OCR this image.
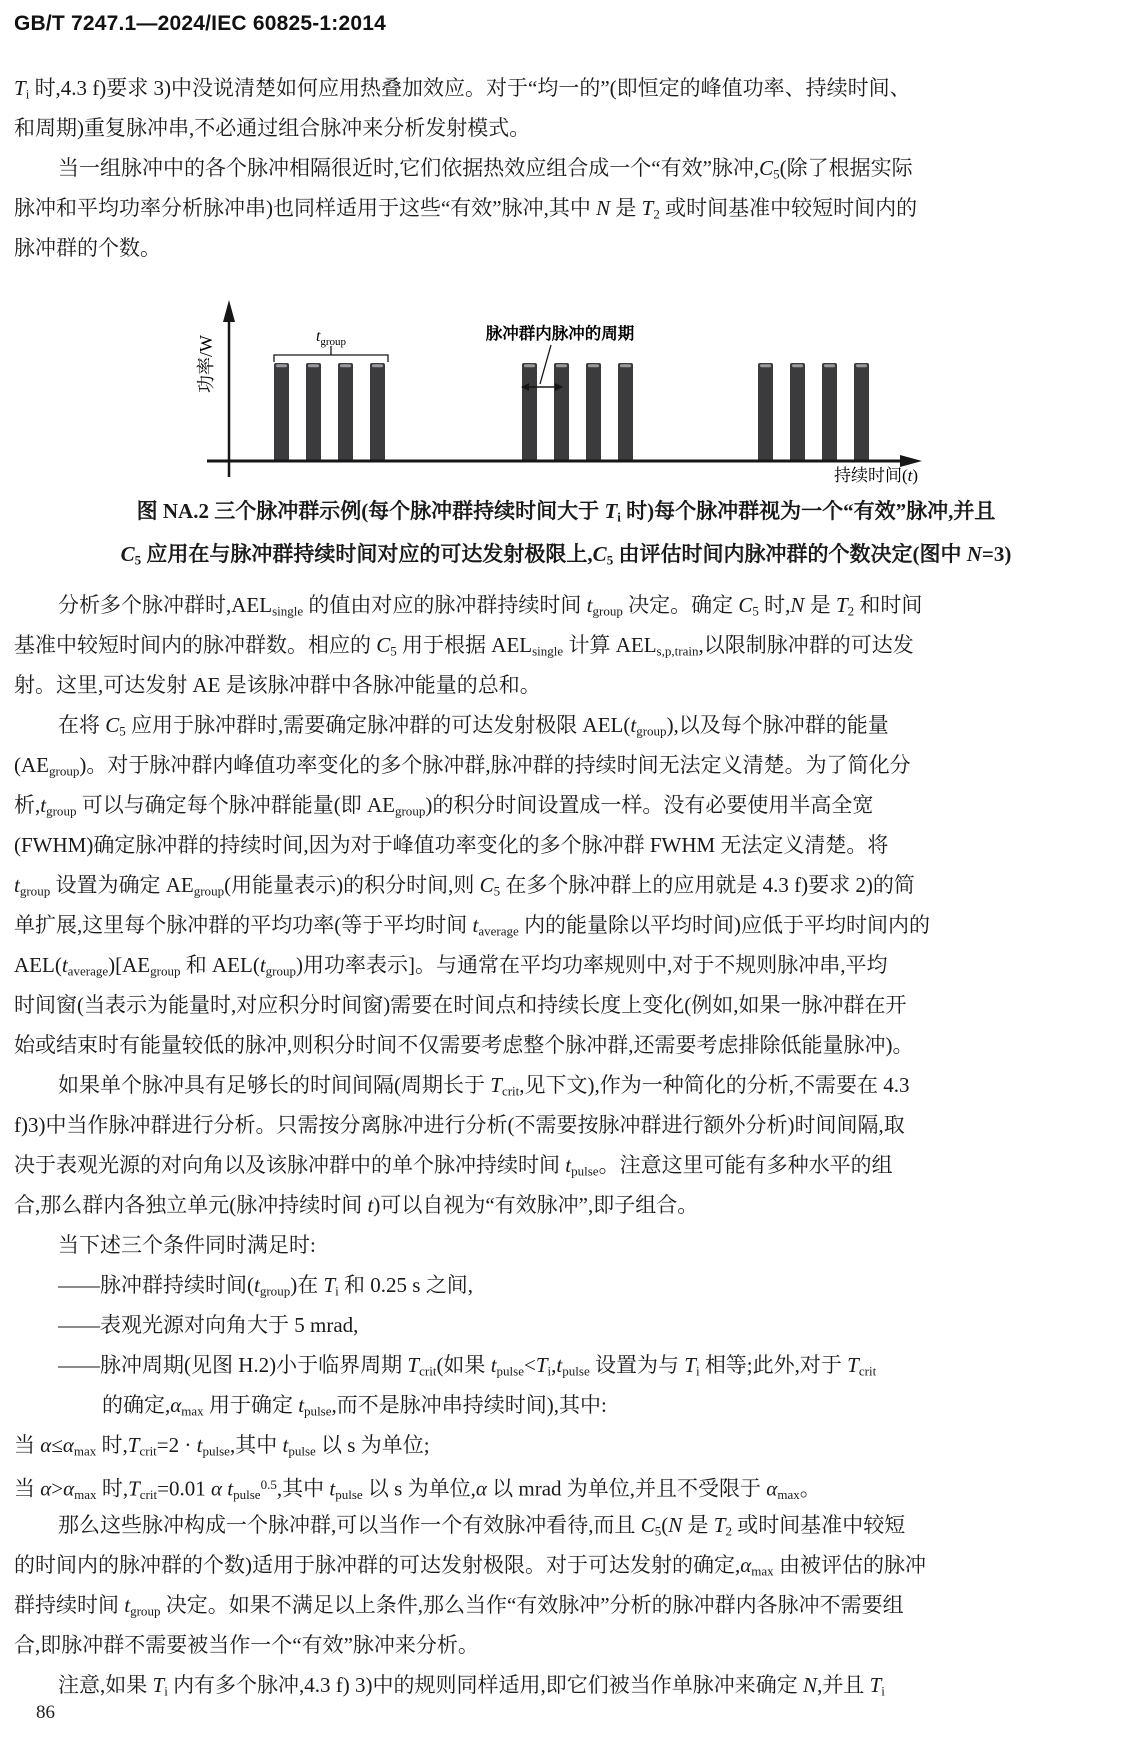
GB/T 7247.1—2024/IEC 60825-1:2014
Ti 时,4.3 f)要求 3)中没说清楚如何应用热叠加效应。对于“均一的”(即恒定的峰值功率、持续时间、
和周期)重复脉冲串,不必通过组合脉冲来分析发射模式。
当一组脉冲中的各个脉冲相隔很近时,它们依据热效应组合成一个“有效”脉冲,C5(除了根据实际
脉冲和平均功率分析脉冲串)也同样适用于这些“有效”脉冲,其中 N 是 T2 或时间基准中较短时间内的
脉冲群的个数。
功率/W	$t_{group}$	脉冲群内脉冲的周期
持续时间(t)
图 NA.2 三个脉冲群示例(每个脉冲群持续时间大于 Ti 时)每个脉冲群视为一个“有效”脉冲,并且
C5 应用在与脉冲群持续时间对应的可达发射极限上,C5 由评估时间内脉冲群的个数决定(图中 N=3)
分析多个脉冲群时,AELsingle 的值由对应的脉冲群持续时间 tgroup 决定。确定 C5 时,N 是 T2 和时间
基准中较短时间内的脉冲群数。相应的 C5 用于根据 AELsingle 计算 AELs,p,train,以限制脉冲群的可达发
射。这里,可达发射 AE 是该脉冲群中各脉冲能量的总和。
在将 C5 应用于脉冲群时,需要确定脉冲群的可达发射极限 AEL(tgroup),以及每个脉冲群的能量
(AEgroup)。对于脉冲群内峰值功率变化的多个脉冲群,脉冲群的持续时间无法定义清楚。为了简化分
析,tgroup 可以与确定每个脉冲群能量(即 AEgroup)的积分时间设置成一样。没有必要使用半高全宽
(FWHM)确定脉冲群的持续时间,因为对于峰值功率变化的多个脉冲群 FWHM 无法定义清楚。将
tgroup 设置为确定 AEgroup(用能量表示)的积分时间,则 C5 在多个脉冲群上的应用就是 4.3 f)要求 2)的简
单扩展,这里每个脉冲群的平均功率(等于平均时间 taverage 内的能量除以平均时间)应低于平均时间内的
AEL(taverage)[AEgroup 和 AEL(tgroup)用功率表示]。与通常在平均功率规则中,对于不规则脉冲串,平均
时间窗(当表示为能量时,对应积分时间窗)需要在时间点和持续长度上变化(例如,如果一脉冲群在开
始或结束时有能量较低的脉冲,则积分时间不仅需要考虑整个脉冲群,还需要考虑排除低能量脉冲)。
如果单个脉冲具有足够长的时间间隔(周期长于 Tcrit,见下文),作为一种简化的分析,不需要在 4.3
f)3)中当作脉冲群进行分析。只需按分离脉冲进行分析(不需要按脉冲群进行额外分析)时间间隔,取
决于表观光源的对向角以及该脉冲群中的单个脉冲持续时间 tpulse。注意这里可能有多种水平的组
合,那么群内各独立单元(脉冲持续时间 t)可以自视为“有效脉冲”,即子组合。
当下述三个条件同时满足时:
——脉冲群持续时间(tgroup)在 Ti 和 0.25 s 之间,
——表观光源对向角大于 5 mrad,
——脉冲周期(见图 H.2)小于临界周期 Tcrit(如果 tpulse<Ti,tpulse 设置为与 Ti 相等;此外,对于 Tcrit
的确定,αmax 用于确定 tpulse,而不是脉冲串持续时间),其中:
当 α≤αmax 时,Tcrit=2 · tpulse,其中 tpulse 以 s 为单位;
当 α>αmax 时,Tcrit=0.01 α tpulse$^{0.5}$,其中 tpulse 以 s 为单位,α 以 mrad 为单位,并且不受限于 αmax。
那么这些脉冲构成一个脉冲群,可以当作一个有效脉冲看待,而且 C5(N 是 T2 或时间基准中较短
的时间内的脉冲群的个数)适用于脉冲群的可达发射极限。对于可达发射的确定,αmax 由被评估的脉冲
群持续时间 tgroup 决定。如果不满足以上条件,那么当作“有效脉冲”分析的脉冲群内各脉冲不需要组
合,即脉冲群不需要被当作一个“有效”脉冲来分析。
注意,如果 Ti 内有多个脉冲,4.3 f) 3)中的规则同样适用,即它们被当作单脉冲来确定 N,并且 Ti
86
